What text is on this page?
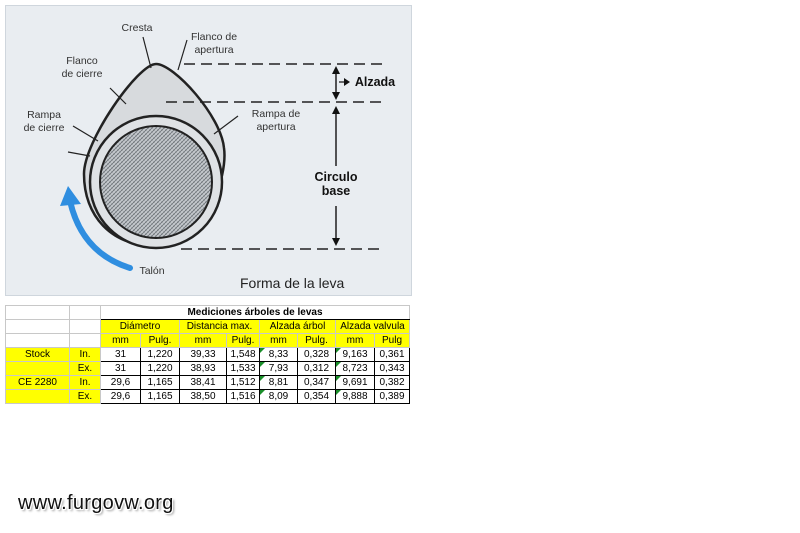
Cresta
Flanco de
apertura
Flanco
de cierre
Rampa
de cierre
Rampa de
apertura
Alzada
Circulo
base
Talón
Forma de la leva
		Mediciones árboles de levas							
		Diámetro		Distancia max.		Alzada árbol		Alzada valvula	
		mm	Pulg.	mm	Pulg.	mm	Pulg.	mm	Pulg
Stock	In.	31	1,220	39,33	1,548	8,33	0,328	9,163	0,361
	Ex.	31	1,220	38,93	1,533	7,93	0,312	8,723	0,343
CE 2280	In.	29,6	1,165	38,41	1,512	8,81	0,347	9,691	0,382
	Ex.	29,6	1,165	38,50	1,516	8,09	0,354	9,888	0,389
www.furgovw.org
